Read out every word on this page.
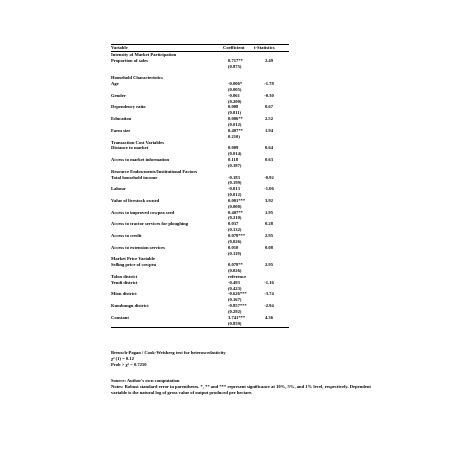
Variable	Coefficient t-Statistics
Intensity of Market Participation
Proportion of sales	0.717**	2.49
(0.875)
Household Characteristics
Age	-0.006*	-1.78
(0.005)
Gender	-0.061	-0.30
(0.200)
Dependency ratio	0.008	0.67
(0.011)
Education	0.006**	2.52
(0.012)
Farm size	0.407**	1.94
0.210)
Transaction Cost Variables
Distance to market	0.009	0.64
(0.014)
Access to market information	0.118	0.63
(0.187)
Resource Endowments/Institutional Factors
Total household income	-0.183	-0.92
(0.199)
Labour	-0.013	-1.06
(0.012)
Value of livestock owned	0.001***	3.92
(0.000)
Access to improved cowpea seed	0.407**	1.95
(0.210)
Access to tractor services for ploughing	0.037	0.28
(0.132)
Access to credit	0.078***	2.95
(0.026)
Access to extension services	0.010	0.08
(0.119)
Market Price Variable
Selling price of cowpea	0.078**	2.95
(0.026)
Tolon district	reference
Yendi district	-0.493	-1.16
(0.423)
Mion district	-0.626***	-3.74
(0.167)
Kumbungu district	-0.857***	-2.94
(0.292)
Constant	3.741***	4.36
(0.859)
Breusch-Pagan / Cook-Weisberg test for heteroscedasticity
χ² (1) = 0.12
Prob > χ² = 0.7250
Source: Author's own computation
Notes: Robust standard error in parentheses. *, ** and *** represent significance at 10%, 5%, and 1% level, respectively. Dependent variable is the natural log of gross value of output produced per hectare.
